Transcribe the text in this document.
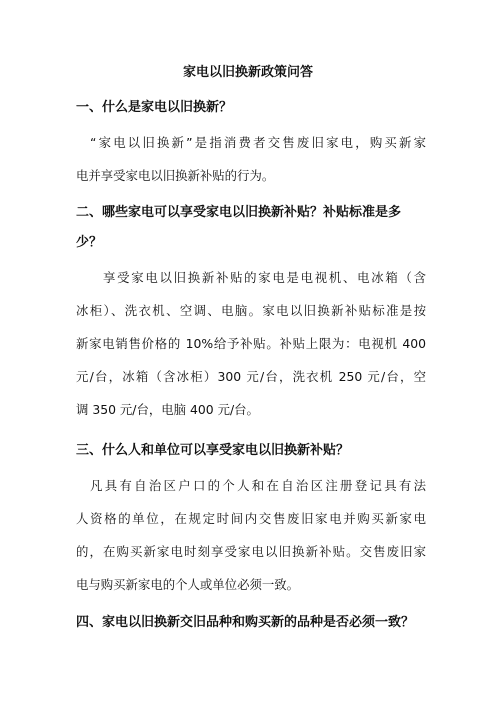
家电以旧换新政策问答
一、什么是家电以旧换新？
“家电以旧换新”是指消费者交售废旧家电，购买新家
电并享受家电以旧换新补贴的行为。
二、哪些家电可以享受家电以旧换新补贴？补贴标准是多
少？
享受家电以旧换新补贴的家电是电视机、电冰箱（含
冰柜）、洗衣机、空调、电脑。家电以旧换新补贴标准是按
新家电销售价格的 10%给予补贴。补贴上限为：电视机 400
元/台，冰箱（含冰柜）300 元/台，洗衣机 250 元/台，空
调 350 元/台，电脑 400 元/台。
三、什么人和单位可以享受家电以旧换新补贴？
凡具有自治区户口的个人和在自治区注册登记具有法
人资格的单位，在规定时间内交售废旧家电并购买新家电
的，在购买新家电时刻享受家电以旧换新补贴。交售废旧家
电与购买新家电的个人或单位必须一致。
四、家电以旧换新交旧品种和购买新的品种是否必须一致？
